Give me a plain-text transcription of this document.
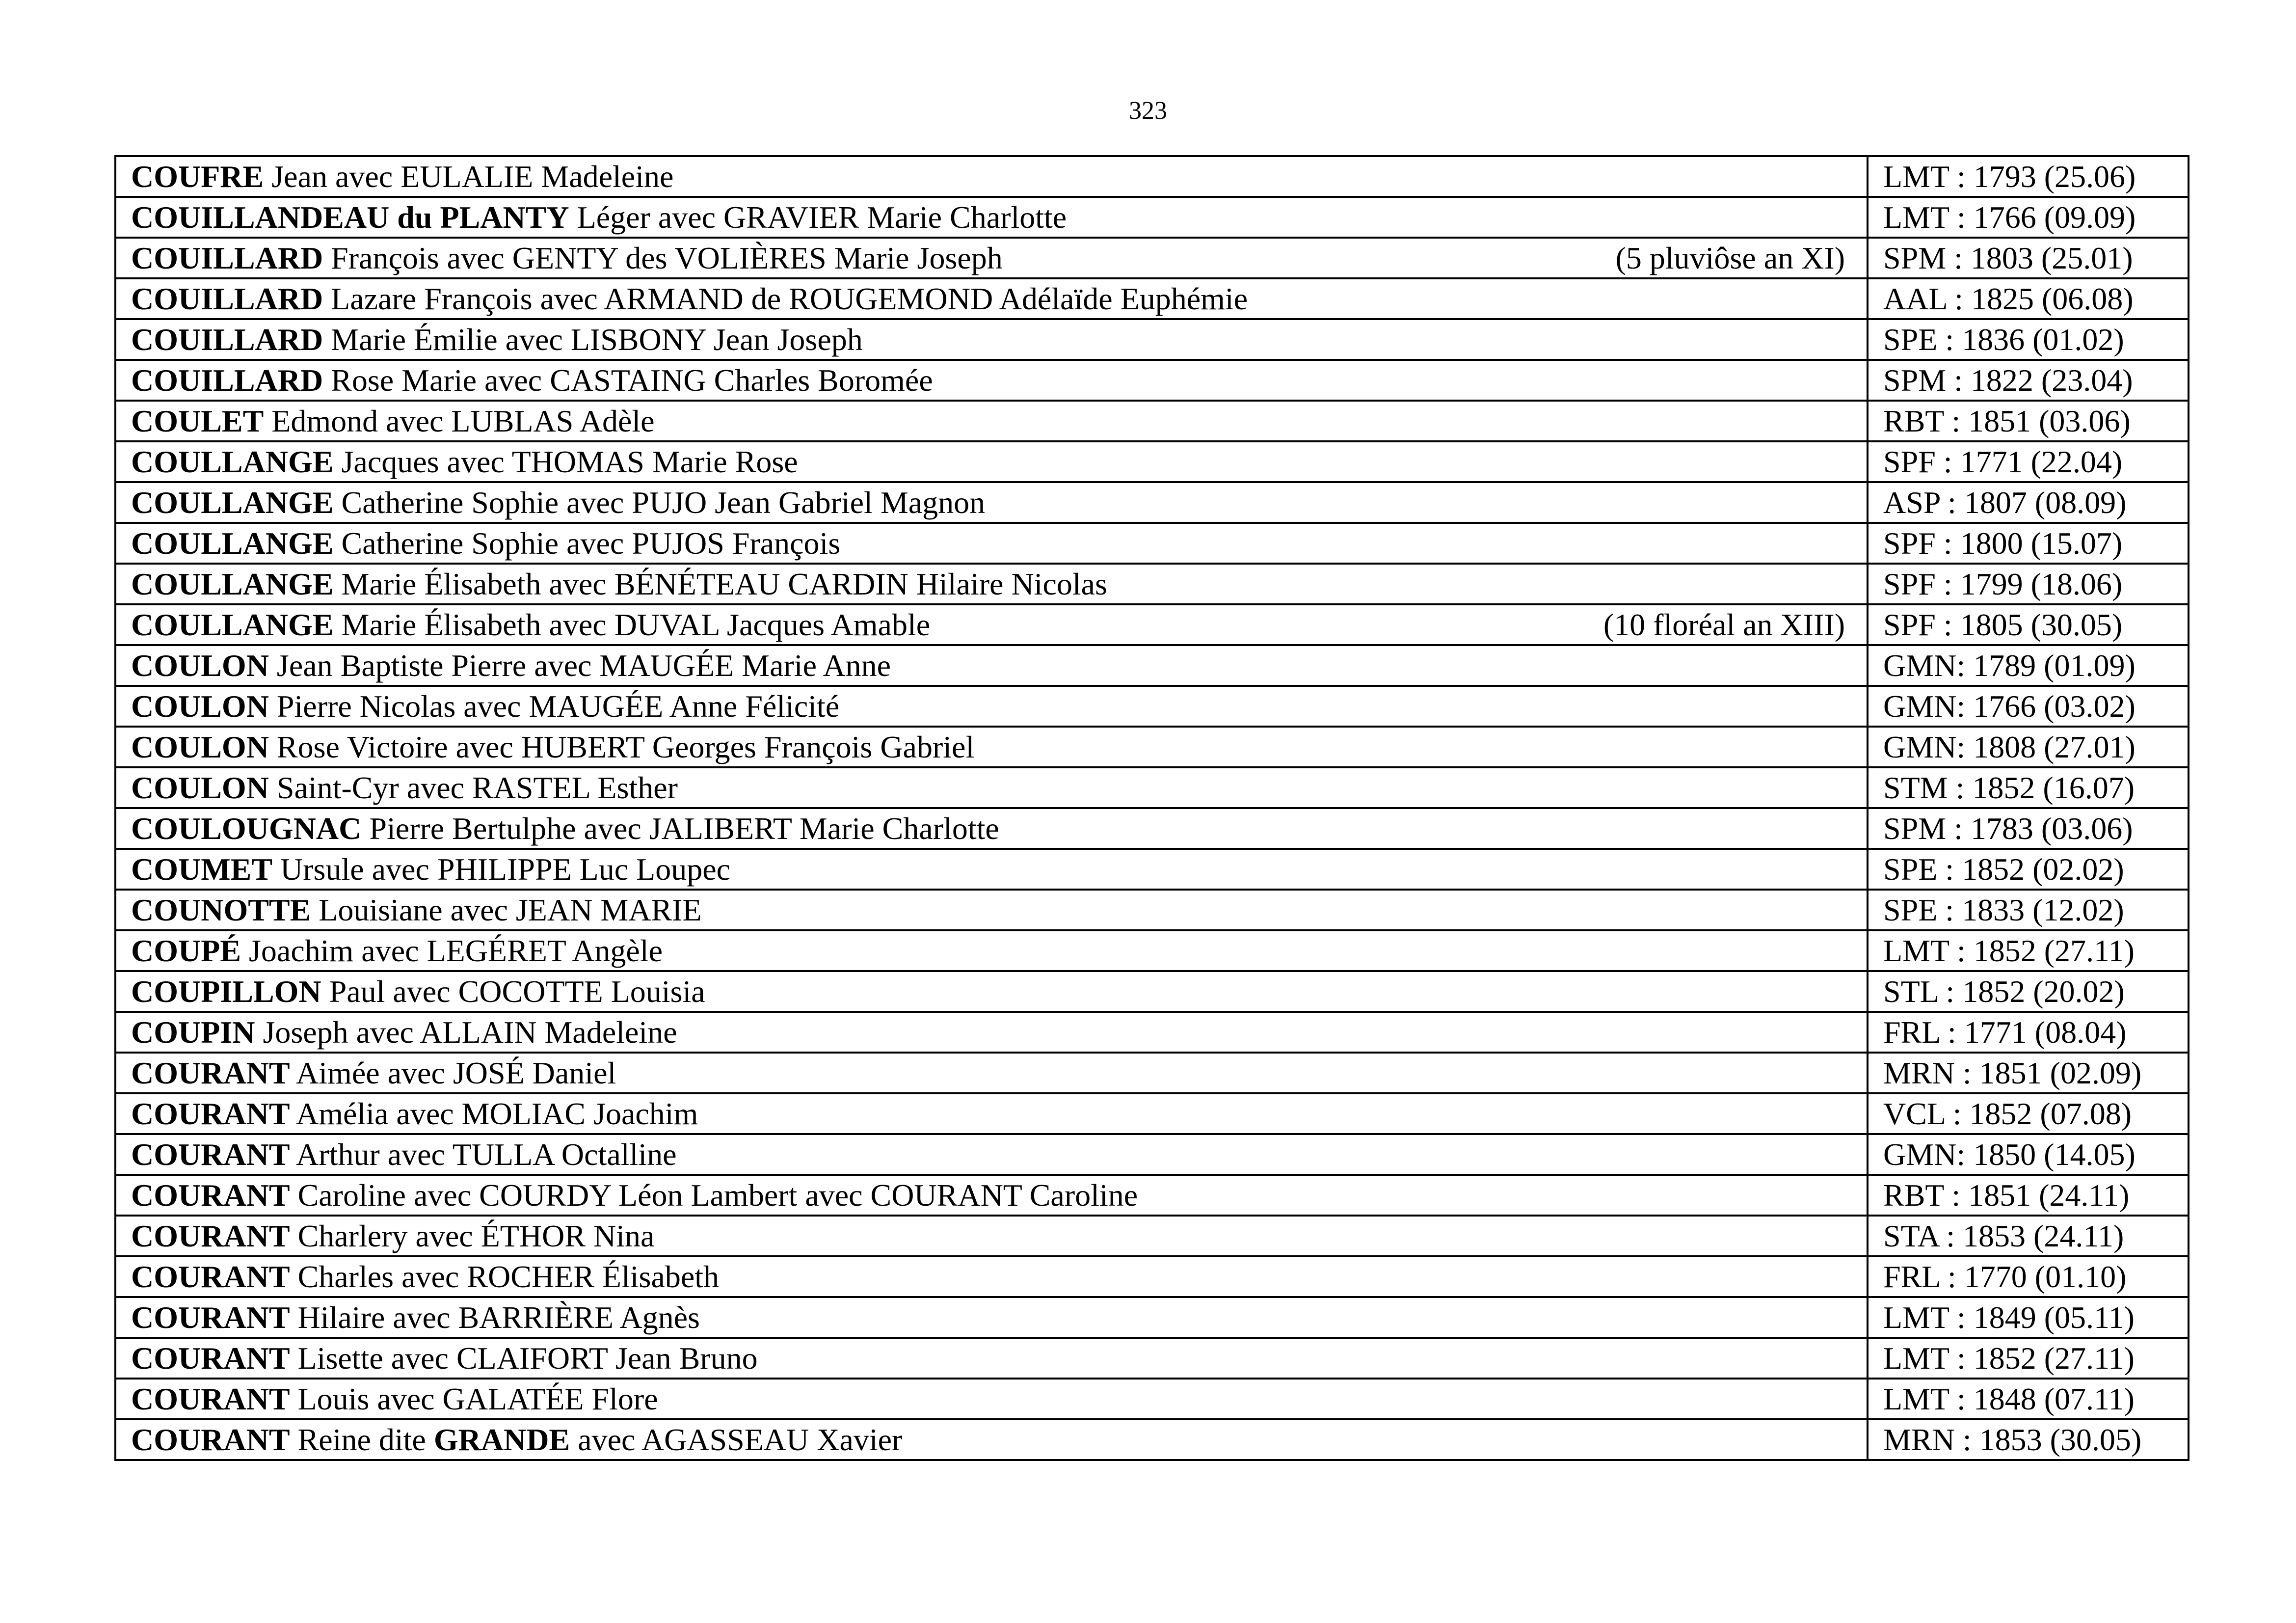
323
COUFRE Jean avec EULALIE Madeleine	LMT : 1793 (25.06)

COUILLANDEAU du PLANTY Léger avec GRAVIER Marie Charlotte	LMT : 1766 (09.09)

COUILLARD François avec GENTY des VOLIÈRES Marie Joseph (5 pluviôse an XI)	SPM : 1803 (25.01)

COUILLARD Lazare François avec ARMAND de ROUGEMOND Adélaïde Euphémie	AAL : 1825 (06.08)

COUILLARD Marie Émilie avec LISBONY Jean Joseph	SPE : 1836 (01.02)

COUILLARD Rose Marie avec CASTAING Charles Boromée	SPM : 1822 (23.04)

COULET Edmond avec LUBLAS Adèle	RBT : 1851 (03.06)

COULLANGE Jacques avec THOMAS Marie Rose	SPF : 1771 (22.04)

COULLANGE Catherine Sophie avec PUJO Jean Gabriel Magnon	ASP : 1807 (08.09)

COULLANGE Catherine Sophie avec PUJOS François	SPF : 1800 (15.07)

COULLANGE Marie Élisabeth avec BÉNÉTEAU CARDIN Hilaire Nicolas	SPF : 1799 (18.06)

COULLANGE Marie Élisabeth avec DUVAL Jacques Amable (10 floréal an XIII)	SPF : 1805 (30.05)

COULON Jean Baptiste Pierre avec MAUGÉE Marie Anne	GMN: 1789 (01.09)

COULON Pierre Nicolas avec MAUGÉE Anne Félicité	GMN: 1766 (03.02)

COULON Rose Victoire avec HUBERT Georges François Gabriel	GMN: 1808 (27.01)

COULON Saint-Cyr avec RASTEL Esther	STM : 1852 (16.07)

COULOUGNAC Pierre Bertulphe avec JALIBERT Marie Charlotte	SPM : 1783 (03.06)

COUMET Ursule avec PHILIPPE Luc Loupec	SPE : 1852 (02.02)

COUNOTTE Louisiane avec JEAN MARIE	SPE : 1833 (12.02)

COUPÉ Joachim avec LEGÉRET Angèle	LMT : 1852 (27.11)

COUPILLON Paul avec COCOTTE Louisia	STL : 1852 (20.02)

COUPIN Joseph avec ALLAIN Madeleine	FRL : 1771 (08.04)

COURANT Aimée avec JOSÉ Daniel	MRN : 1851 (02.09)

COURANT Amélia avec MOLIAC Joachim	VCL : 1852 (07.08)

COURANT Arthur avec TULLA Octalline	GMN: 1850 (14.05)

COURANT Caroline avec COURDY Léon Lambert avec COURANT Caroline	RBT : 1851 (24.11)

COURANT Charlery avec ÉTHOR Nina	STA : 1853 (24.11)

COURANT Charles avec ROCHER Élisabeth	FRL : 1770 (01.10)

COURANT Hilaire avec BARRIÈRE Agnès	LMT : 1849 (05.11)

COURANT Lisette avec CLAIFORT Jean Bruno	LMT : 1852 (27.11)

COURANT Louis avec GALATÉE Flore	LMT : 1848 (07.11)

COURANT Reine dite GRANDE avec AGASSEAU Xavier	MRN : 1853 (30.05)
